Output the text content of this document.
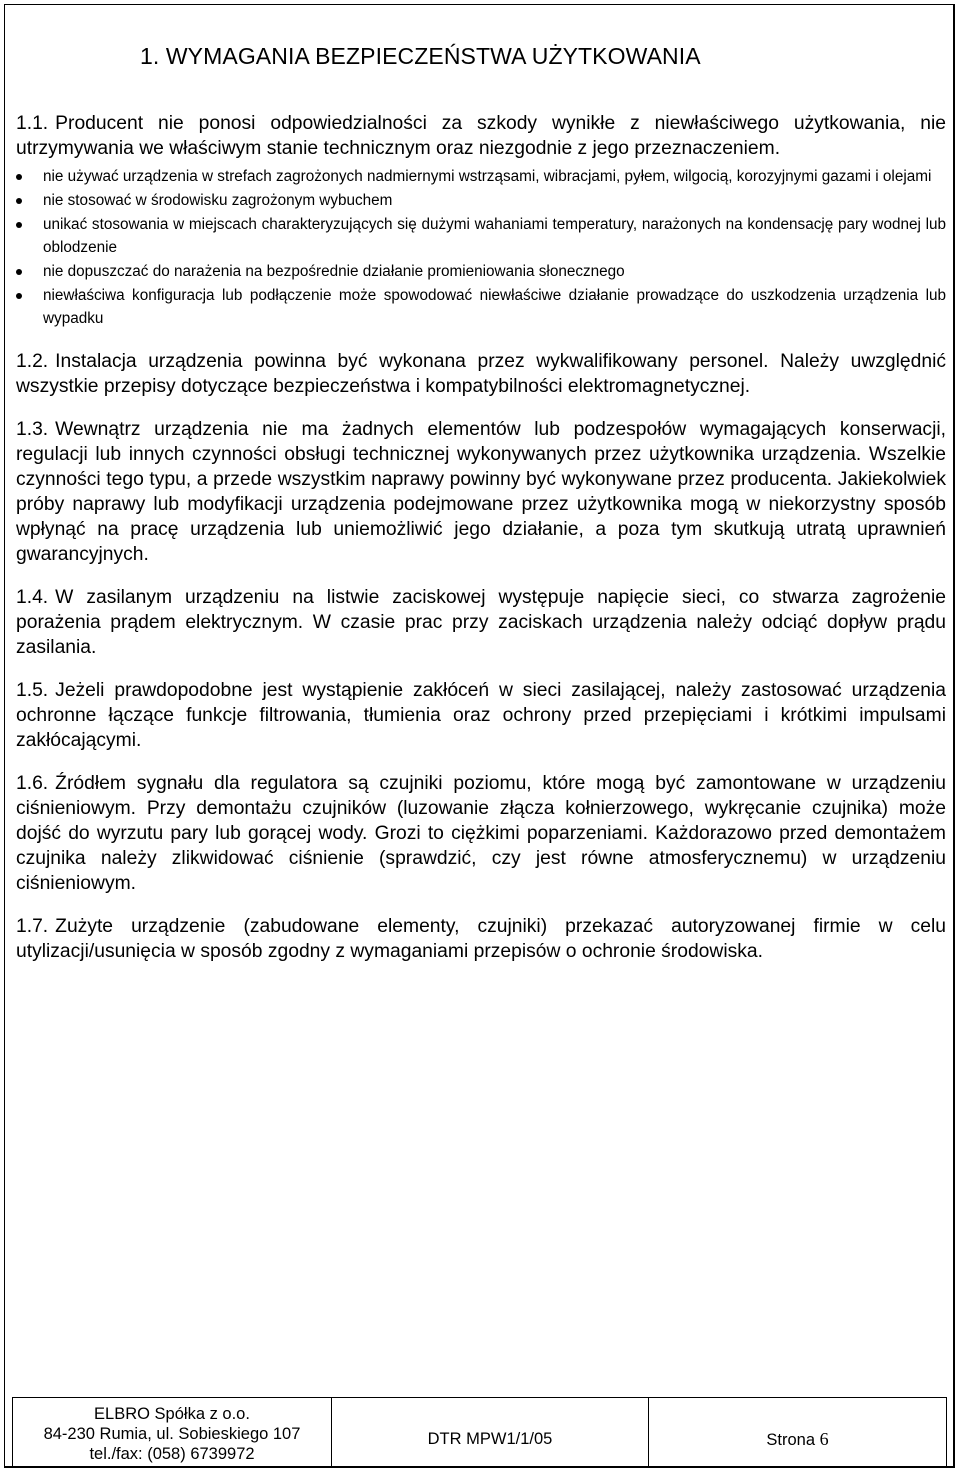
1. WYMAGANIA BEZPIECZEŃSTWA UŻYTKOWANIA

1.1. Producent nie ponosi odpowiedzialności za szkody wynikłe z niewłaściwego użytkowania, nie utrzymywania we właściwym stanie technicznym oraz niezgodnie z jego przeznaczeniem.

nie używać urządzenia w strefach zagrożonych nadmiernymi wstrząsami, wibracjami, pyłem, wilgocią, korozyjnymi gazami i olejami
nie stosować w środowisku zagrożonym wybuchem
unikać stosowania w miejscach charakteryzujących się dużymi wahaniami temperatury, narażonych na kondensację pary wodnej lub oblodzenie
nie dopuszczać do narażenia na bezpośrednie działanie promieniowania słonecznego
niewłaściwa konfiguracja lub podłączenie może spowodować niewłaściwe działanie prowadzące do uszkodzenia urządzenia lub wypadku

1.2. Instalacja urządzenia powinna być wykonana przez wykwalifikowany personel. Należy uwzględnić wszystkie przepisy dotyczące bezpieczeństwa i kompatybilności elektromagnetycznej.

1.3. Wewnątrz urządzenia nie ma żadnych elementów lub podzespołów wymagających konserwacji, regulacji lub innych czynności obsługi technicznej wykonywanych przez użytkownika urządzenia. Wszelkie czynności tego typu, a przede wszystkim naprawy powinny być wykonywane przez producenta. Jakiekolwiek próby naprawy lub modyfikacji urządzenia podejmowane przez użytkownika mogą w niekorzystny sposób wpłynąć na pracę urządzenia lub uniemożliwić jego działanie, a poza tym skutkują utratą uprawnień gwarancyjnych.

1.4. W zasilanym urządzeniu na listwie zaciskowej występuje napięcie sieci, co stwarza zagrożenie porażenia prądem elektrycznym. W czasie prac przy zaciskach urządzenia należy odciąć dopływ prądu zasilania.

1.5. Jeżeli prawdopodobne jest wystąpienie zakłóceń w sieci zasilającej, należy zastosować urządzenia ochronne łączące funkcje filtrowania, tłumienia oraz ochrony przed przepięciami i krótkimi impulsami zakłócającymi.

1.6. Źródłem sygnału dla regulatora są czujniki poziomu, które mogą być zamontowane w urządzeniu ciśnieniowym. Przy demontażu czujników (luzowanie złącza kołnierzowego, wykręcanie czujnika) może dojść do wyrzutu pary lub gorącej wody. Grozi to ciężkimi poparzeniami. Każdorazowo przed demontażem czujnika należy zlikwidować ciśnienie (sprawdzić, czy jest równe atmosferycznemu) w urządzeniu ciśnieniowym.

1.7. Zużyte urządzenie (zabudowane elementy, czujniki) przekazać autoryzowanej firmie w celu utylizacji/usunięcia w sposób zgodny z wymaganiami przepisów o ochronie środowiska.

ELBRO Spółka z o.o.
84-230 Rumia, ul. Sobieskiego 107
tel./fax: (058) 6739972
	DTR MPW1/1/05	Strona 6
